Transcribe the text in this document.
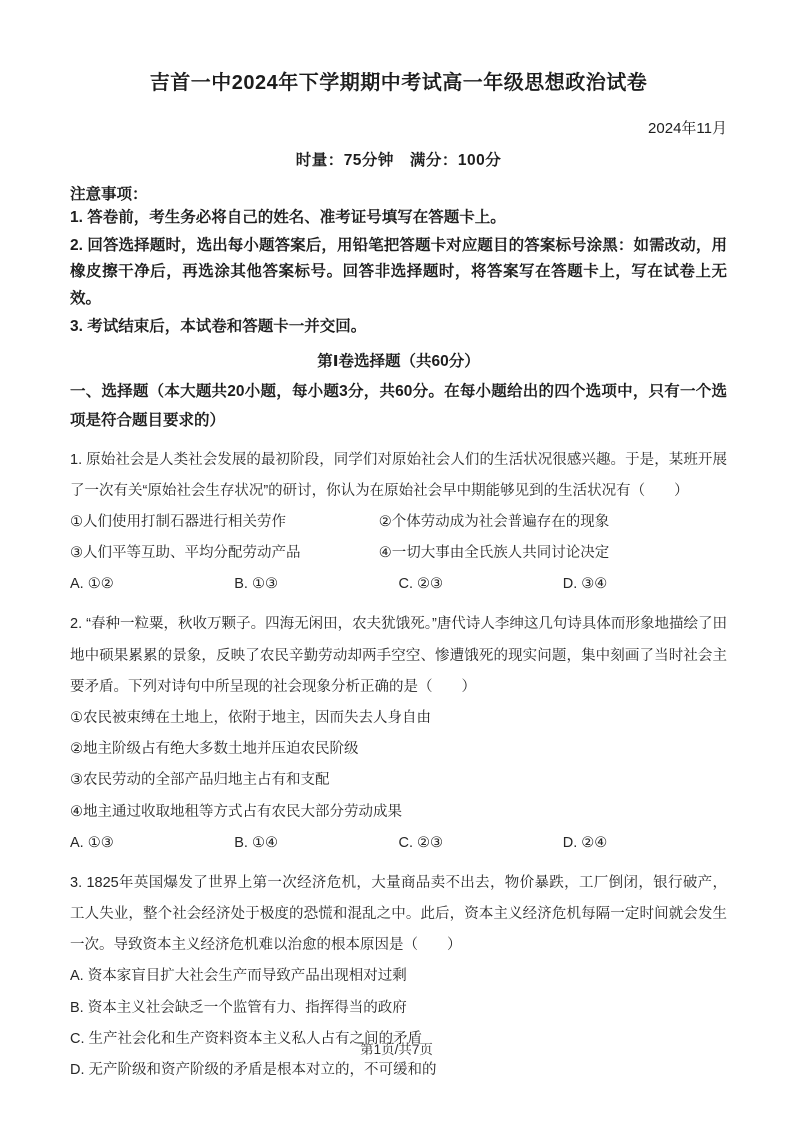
吉首一中2024年下学期期中考试高一年级思想政治试卷
2024年11月
时量：75分钟　满分：100分
注意事项：

1. 答卷前，考生务必将自己的姓名、准考证号填写在答题卡上。

2. 回答选择题时，选出每小题答案后，用铅笔把答题卡对应题目的答案标号涂黑：如需改动，用橡皮擦干净后，再选涂其他答案标号。回答非选择题时，将答案写在答题卡上，写在试卷上无效。

3. 考试结束后，本试卷和答题卡一并交回。

第Ⅰ卷选择题（共60分）

一、选择题（本大题共20小题，每小题3分，共60分。在每小题给出的四个选项中，只有一个选项是符合题目要求的）

1. 原始社会是人类社会发展的最初阶段，同学们对原始社会人们的生活状况很感兴趣。于是，某班开展了一次有关“原始社会生存状况”的研讨，你认为在原始社会早中期能够见到的生活状况有（　　）

①人们使用打制石器进行相关劳作	②个体劳动成为社会普遍存在的现象
③人们平等互助、平均分配劳动产品	④一切大事由全氏族人共同讨论决定
A. ①②	B. ①③	C. ②③	D. ③④

2. “春种一粒粟，秋收万颗子。四海无闲田，农夫犹饿死。”唐代诗人李绅这几句诗具体而形象地描绘了田地中硕果累累的景象，反映了农民辛勤劳动却两手空空、惨遭饿死的现实问题，集中刻画了当时社会主要矛盾。下列对诗句中所呈现的社会现象分析正确的是（　　）

①农民被束缚在土地上，依附于地主，因而失去人身自由
②地主阶级占有绝大多数土地并压迫农民阶级
③农民劳动的全部产品归地主占有和支配
④地主通过收取地租等方式占有农民大部分劳动成果
A. ①③	B. ①④	C. ②③	D. ②④

3. 1825年英国爆发了世界上第一次经济危机，大量商品卖不出去，物价暴跌，工厂倒闭，银行破产，工人失业，整个社会经济处于极度的恐慌和混乱之中。此后，资本主义经济危机每隔一定时间就会发生一次。导致资本主义经济危机难以治愈的根本原因是（　　）

A. 资本家盲目扩大社会生产而导致产品出现相对过剩
B. 资本主义社会缺乏一个监管有力、指挥得当的政府
C. 生产社会化和生产资料资本主义私人占有之间的矛盾
D. 无产阶级和资产阶级的矛盾是根本对立的，不可缓和的
第1页/共7页
